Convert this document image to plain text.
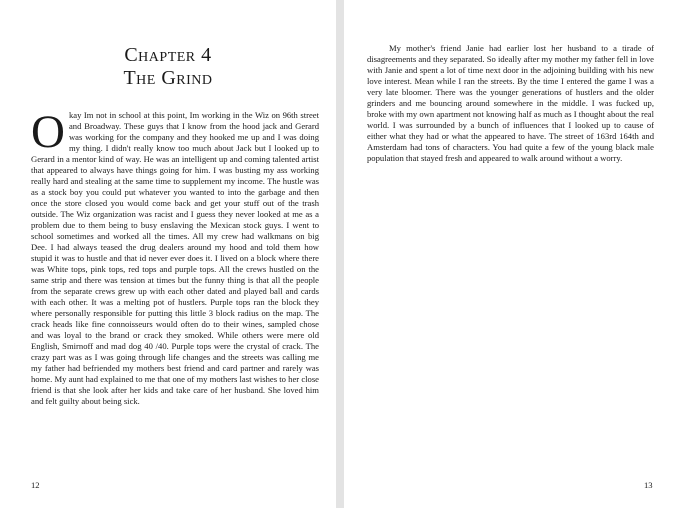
Chapter 4
The Grind

Okay Im not in school at this point, Im working in the Wiz on 96th street and Broadway. These guys that I know from the hood jack and Gerard was working for the company and they hooked me up and I was doing my thing. I didn't really know too much about Jack but I looked up to Gerard in a mentor kind of way. He was an intelligent up and coming talented artist that appeared to always have things going for him. I was busting my ass working really hard and stealing at the same time to supplement my income. The hustle was as a stock boy you could put whatever you wanted to into the garbage and then once the store closed you would come back and get your stuff out of the trash outside. The Wiz organization was racist and I guess they never looked at me as a problem due to them being to busy enslaving the Mexican stock guys. I went to school sometimes and worked all the times. All my crew had walkmans on big Dee. I had always teased the drug dealers around my hood and told them how stupid it was to hustle and that id never ever does it. I lived on a block where there was White tops, pink tops, red tops and purple tops. All the crews hustled on the same strip and there was tension at times but the funny thing is that all the people from the separate crews grew up with each other dated and played ball and cards with each other. It was a melting pot of hustlers. Purple tops ran the block they where personally responsible for putting this little 3 block radius on the map. The crack heads like fine connoisseurs would often do to their wines, sampled chose and was loyal to the brand or crack they smoked. While others were mere old English, Smirnoff and mad dog 40 /40. Purple tops were the crystal of crack. The crazy part was as I was going through life changes and the streets was calling me my father had befriended my mothers best friend and card partner and rarely was home. My aunt had explained to me that one of my mothers last wishes to her close friend is that she look after her kids and take care of her husband. She loved him and felt guilty about being sick.

12

My mother's friend Janie had earlier lost her husband to a tirade of disagreements and they separated. So ideally after my mother my father fell in love with Janie and spent a lot of time next door in the adjoining building with his new love interest. Mean while I ran the streets. By the time I entered the game I was a very late bloomer. There was the younger generations of hustlers and the older grinders and me bouncing around somewhere in the middle. I was fucked up, broke with my own apartment not knowing half as much as I thought about the real world. I was surrounded by a bunch of influences that I looked up to cause of either what they had or what the appeared to have. The street of 163rd 164th and Amsterdam had tons of characters. You had quite a few of the young black male population that stayed fresh and appeared to walk around without a worry.

13
